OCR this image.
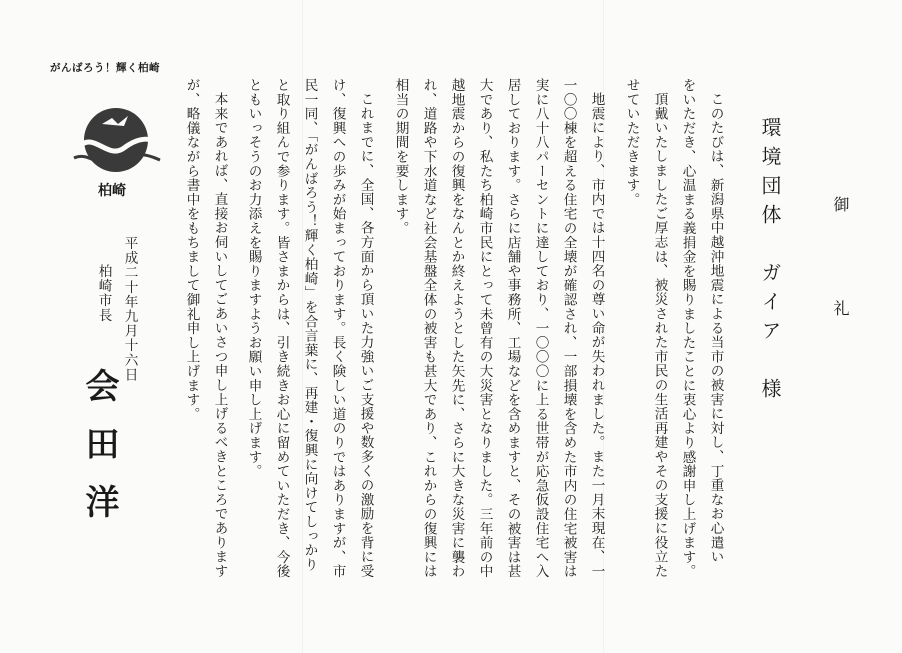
御　礼
環境団体　ガイア　様
このたびは、新潟県中越沖地震による当市の被害に対し、丁重なお心遣い
をいただき、心温まる義捐金を賜りましたことに衷心より感謝申し上げます。
頂戴いたしましたご厚志は、被災された市民の生活再建やその支援に役立た
せていただきます。
地震により、市内では十四名の尊い命が失われました。また一月末現在、一
一〇〇棟を超える住宅の全壊が確認され、一部損壊を含めた市内の住宅被害は
実に八十八パーセントに達しており、一〇〇〇に上る世帯が応急仮設住宅へ入
居しております。さらに店舗や事務所、工場などを含めますと、その被害は甚
大であり、私たち柏崎市民にとって未曾有の大災害となりました。三年前の中
越地震からの復興をなんとか終えようとした矢先に、さらに大きな災害に襲わ
れ、道路や下水道など社会基盤全体の被害も甚大であり、これからの復興には
相当の期間を要します。
これまでに、全国、各方面から頂いた力強いご支援や数多くの激励を背に受
け、復興への歩みが始まっております。長く険しい道のりではありますが、市
民一同、「がんばろう！輝く柏崎」を合言葉に、再建・復興に向けてしっかり
と取り組んで参ります。皆さまからは、引き続きお心に留めていただき、今後
ともいっそうのお力添えを賜りますようお願い申し上げます。
本来であれば、直接お伺いしてごあいさつ申し上げるべきところであります
が、略儀ながら書中をもちまして御礼申し上げます。
がんばろう！輝く柏崎
柏崎
平成二十年九月十六日
柏崎市長
会田洋
